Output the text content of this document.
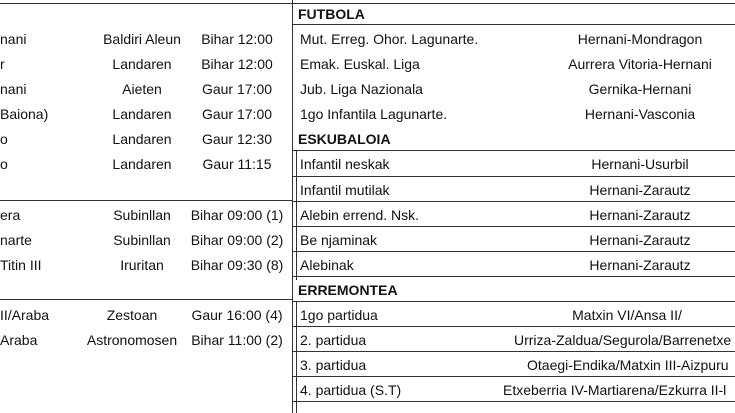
nani	Baldiri Aleun Bihar 12:00
r	Landaren Bihar 12:00
nani	Aieten	Gaur 17:00
Baiona)	Landaren Gaur 17:00
o	Landaren Gaur 12:30
o	Landaren Gaur 11:15
era	Subinllan Bihar 09:00 (1)
narte	Subinllan Bihar 09:00 (2)
Titin III	Iruritan Bihar 09:30 (8)
II/Araba	Zestoan Gaur 16:00 (4)
Araba	Astronomosen Bihar 11:00 (2)
FUTBOLA
Mut. Erreg. Ohor. Lagunarte.	Hernani-Mondragon
Emak. Euskal. Liga	Aurrera Vitoria-Hernani
Jub. Liga Nazionala	Gernika-Hernani
1go Infantila Lagunarte.	Hernani-Vasconia
ESKUBALOIA
Infantil neskak	Hernani-Usurbil
Infantil mutilak	Hernani-Zarautz
Alebin errend. Nsk.	Hernani-Zarautz
Be njaminak	Hernani-Zarautz
Alebinak	Hernani-Zarautz
ERREMONTEA
1go partidua	Matxin VI/Ansa II/
2. partidua	Urriza-Zaldua/Segurola/Barrenetxe
3. partidua	Otaegi-Endika/Matxin III-Aizpuru
4. partidua (S.T)	Etxeberria IV-Martiarena/Ezkurra II-l
